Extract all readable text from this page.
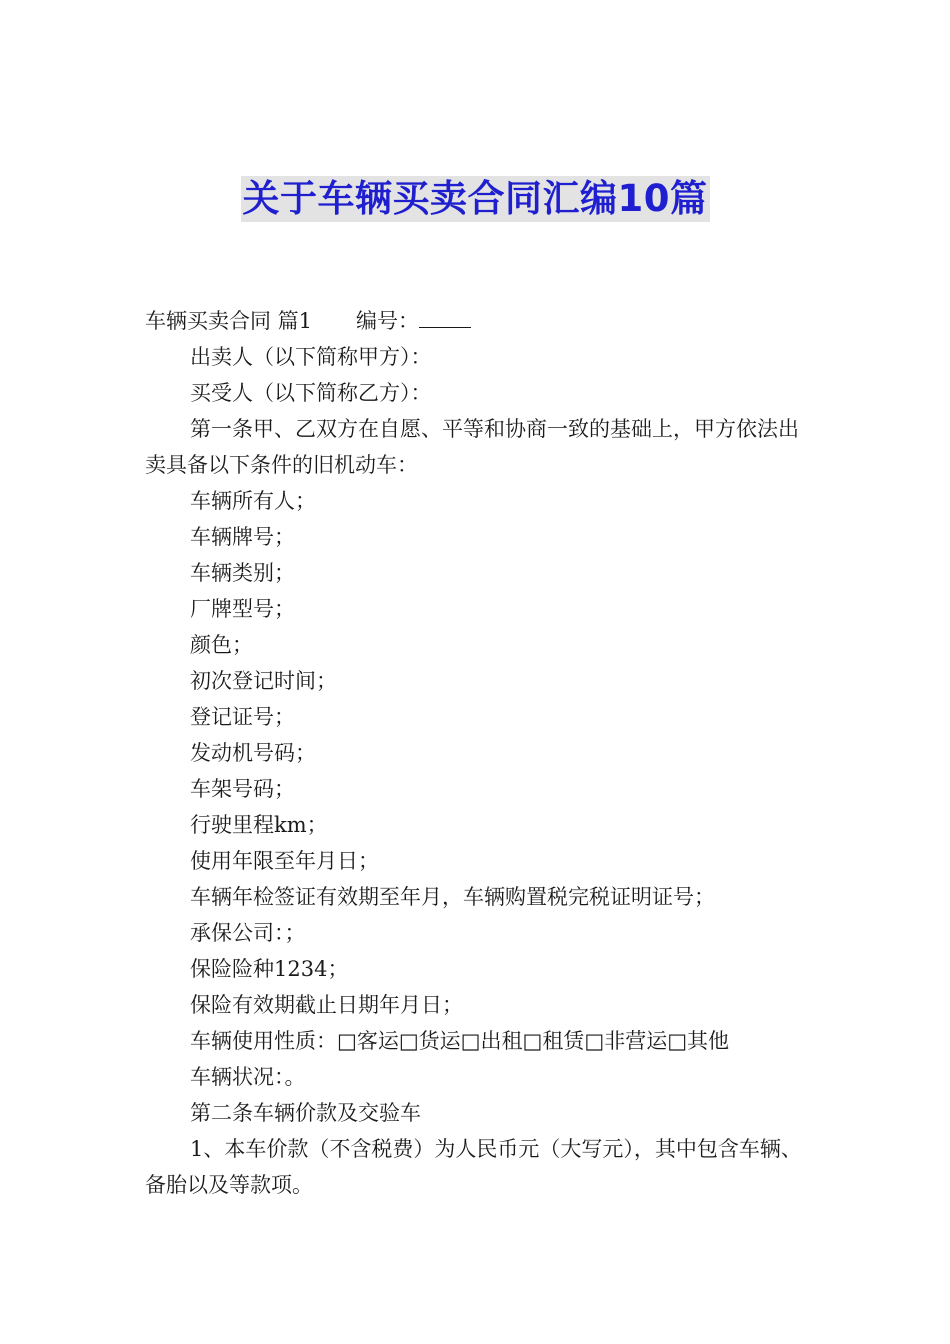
关于车辆买卖合同汇编10篇

车辆买卖合同 篇1 编号：

出卖人（以下简称甲方）：

买受人（以下简称乙方）：

第一条甲、乙双方在自愿、平等和协商一致的基础上，甲方依法出卖具备以下条件的旧机动车：

车辆所有人；

车辆牌号；

车辆类别；

厂牌型号；

颜色；

初次登记时间；

登记证号；

发动机号码；

车架号码；

行驶里程km；

使用年限至年月日；

车辆年检签证有效期至年月，车辆购置税完税证明证号；

承保公司：；

保险险种1234；

保险有效期截止日期年月日；

车辆使用性质：□客运□货运□出租□租赁□非营运□其他

车辆状况：。

第二条车辆价款及交验车

1、本车价款（不含税费）为人民币元（大写元），其中包含车辆、备胎以及等款项。
